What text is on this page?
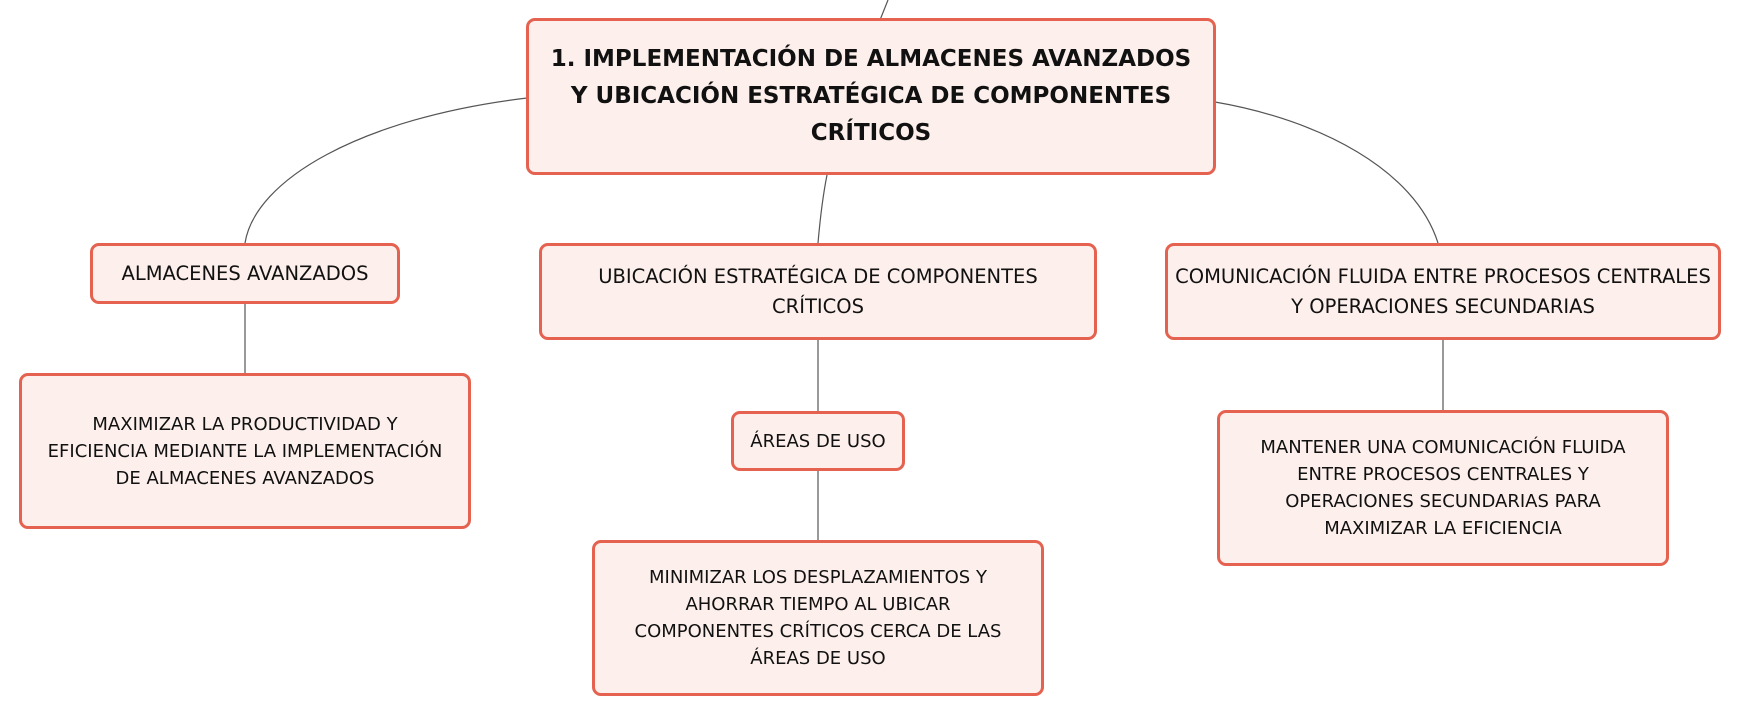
1. IMPLEMENTACIÓN DE ALMACENES AVANZADOS Y UBICACIÓN ESTRATÉGICA DE COMPONENTES CRÍTICOS
ALMACENES AVANZADOS	UBICACIÓN ESTRATÉGICA DE COMPONENTES CRÍTICOS
COMUNICACIÓN FLUIDA ENTRE PROCESOS CENTRALES Y OPERACIONES SECUNDARIAS
MAXIMIZAR LA PRODUCTIVIDAD Y EFICIENCIA MEDIANTE LA IMPLEMENTACIÓN DE ALMACENES AVANZADOS
ÁREAS DE USO
MINIMIZAR LOS DESPLAZAMIENTOS Y AHORRAR TIEMPO AL UBICAR COMPONENTES CRÍTICOS CERCA DE LAS ÁREAS DE USO
MANTENER UNA COMUNICACIÓN FLUIDA ENTRE PROCESOS CENTRALES Y OPERACIONES SECUNDARIAS PARA MAXIMIZAR LA EFICIENCIA
